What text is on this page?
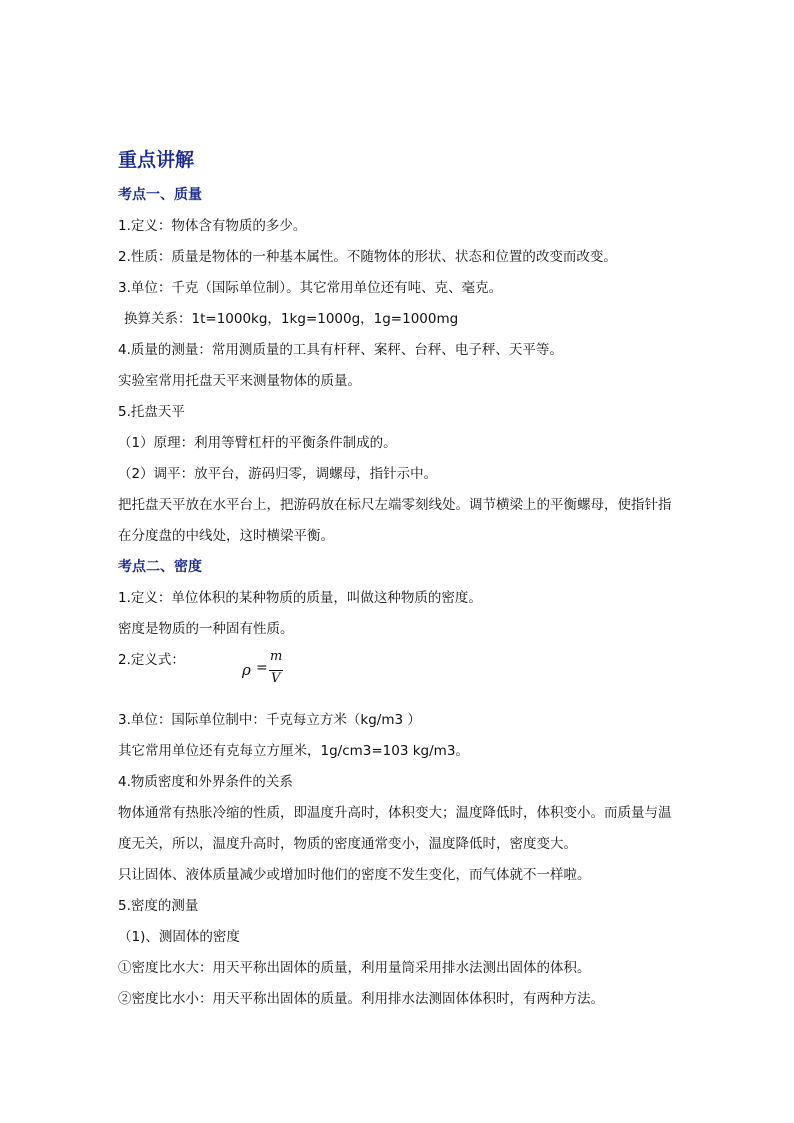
重点讲解
考点一、质量
1.定义：物体含有物质的多少。
2.性质：质量是物体的一种基本属性。不随物体的形状、状态和位置的改变而改变。
3.单位：千克（国际单位制）。其它常用单位还有吨、克、毫克。
换算关系：1t=1000kg，1kg=1000g，1g=1000mg
4.质量的测量：常用测质量的工具有杆秤、案秤、台秤、电子秤、天平等。
实验室常用托盘天平来测量物体的质量。
5.托盘天平
（1）原理：利用等臂杠杆的平衡条件制成的。
（2）调平：放平台，游码归零，调螺母，指针示中。
把托盘天平放在水平台上，把游码放在标尺左端零刻线处。调节横梁上的平衡螺母，使指针指在分度盘的中线处，这时横梁平衡。
考点二、密度
1.定义：单位体积的某种物质的质量，叫做这种物质的密度。
密度是物质的一种固有性质。
2.定义式：
ρ =
m
V
3.单位：国际单位制中：千克每立方米（kg/m3 ）
其它常用单位还有克每立方厘米，1g/cm3=103 kg/m3。
4.物质密度和外界条件的关系
物体通常有热胀冷缩的性质，即温度升高时，体积变大；温度降低时，体积变小。而质量与温度无关，所以，温度升高时，物质的密度通常变小，温度降低时，密度变大。
只让固体、液体质量减少或增加时他们的密度不发生变化，而气体就不一样啦。
5.密度的测量
（1)、测固体的密度
①密度比水大：用天平称出固体的质量，利用量筒采用排水法测出固体的体积。
②密度比水小：用天平称出固体的质量。利用排水法测固体体积时，有两种方法。
